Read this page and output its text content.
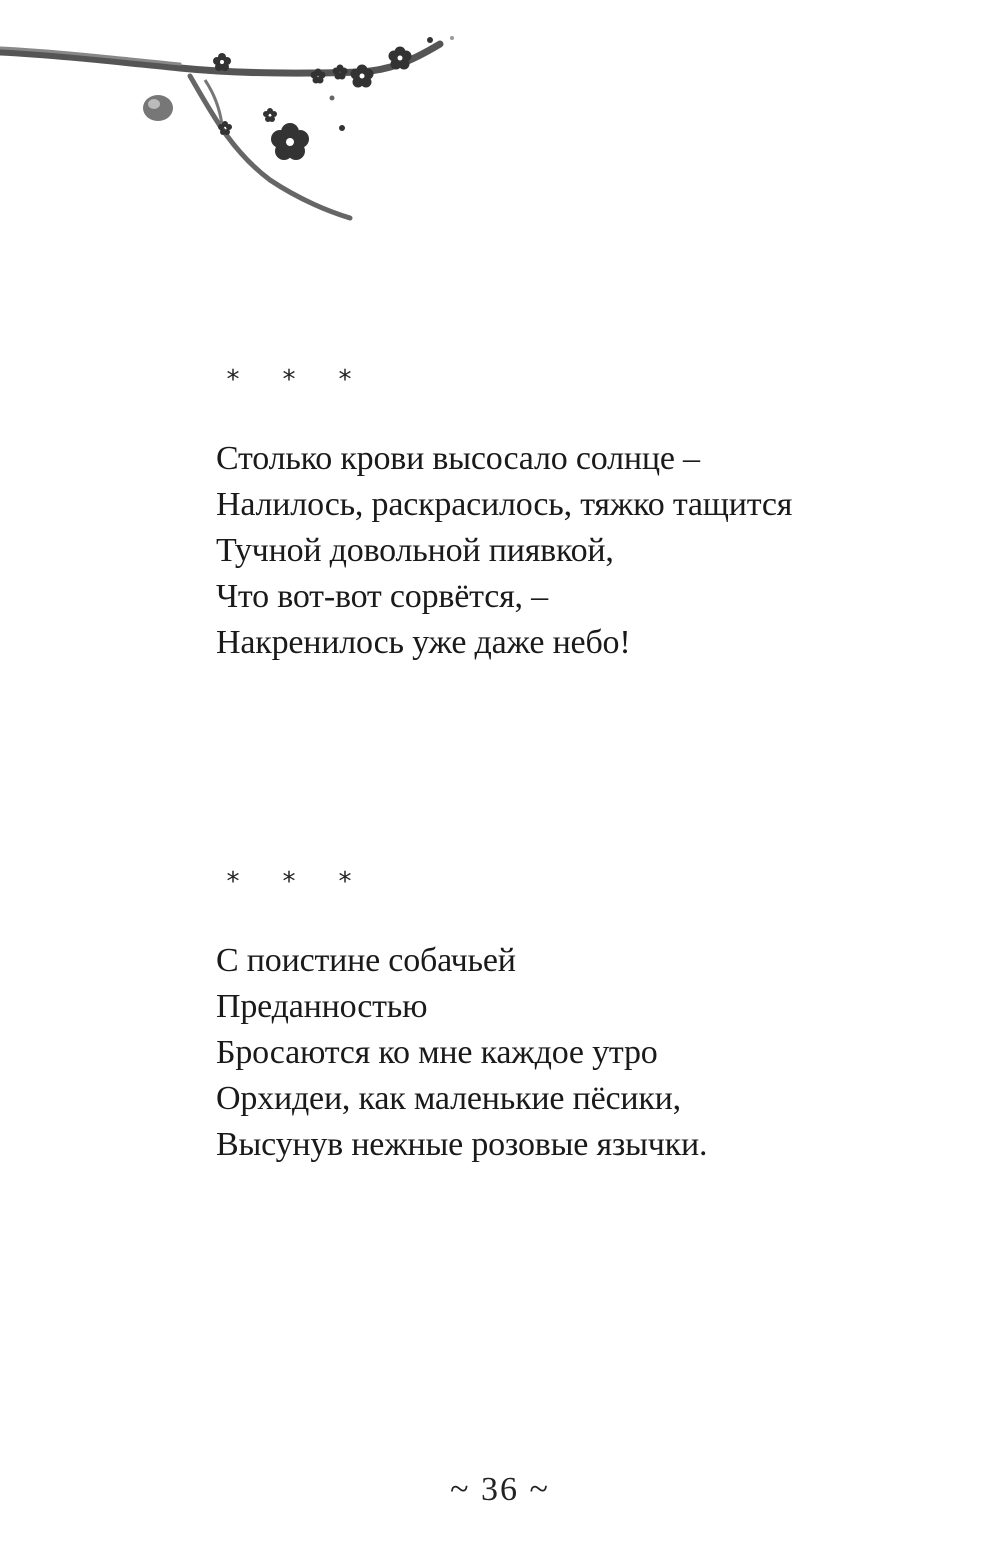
*	*	*
Столько крови высосало солнце –
Налилось, раскрасилось, тяжко тащится
Тучной довольной пиявкой,
Что вот-вот сорвётся, –
Накренилось уже даже небо!
*	*	*
С поистине собачьей
Преданностью
Бросаются ко мне каждое утро
Орхидеи, как маленькие пёсики,
Высунув нежные розовые язычки.
~ 36 ~
